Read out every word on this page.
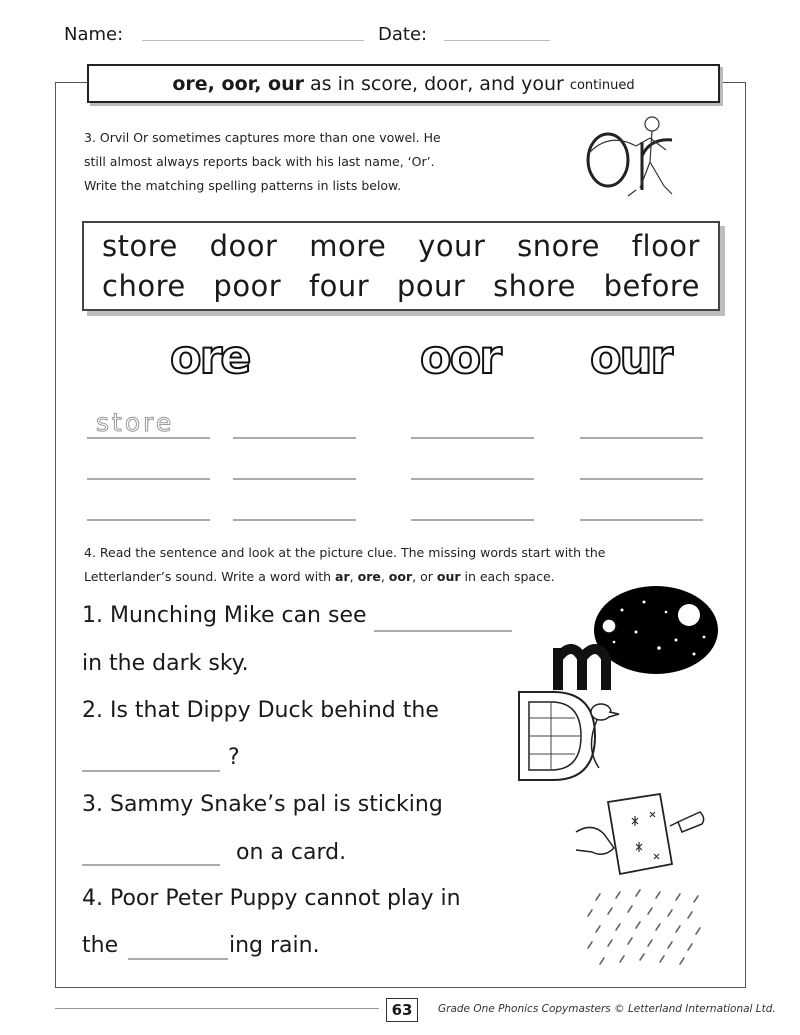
Name:	Date:
ore, oor, our
as in score, door, and your continued
3. Orvil Or sometimes captures more than one vowel. He
still almost always reports back with his last name, ‘Or’.
Write the matching spelling patterns in lists below.
store door more your snore floor
chore poor four pour shore before
ore	oor our
store
4. Read the sentence and look at the picture clue. The missing words start with the
Letterlander’s sound. Write a word with ar, ore, oor, or our in each space.
1. Munching Mike can see
in the dark sky.
2. Is that Dippy Duck behind the
?
3. Sammy Snake’s pal is sticking
on a card.
4. Poor Peter Puppy cannot play in
the	ing rain.
63	Grade One Phonics Copymasters © Letterland International Ltd.
